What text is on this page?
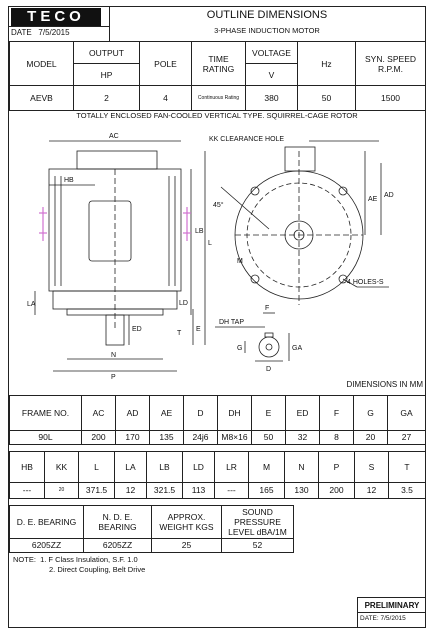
TECO
DATE 7/5/2015
OUTLINE DIMENSIONS
3-PHASE INDUCTION MOTOR
MODEL	OUTPUT	POLE	TIME RATING	VOLTAGE	Hz	SYN. SPEED R.P.M.
	HP			V		
AEVB	2	4	Continuous Rating	380	50	1500
TOTALLY ENCLOSED FAN-COOLED VERTICAL TYPE. SQUIRREL-CAGE ROTOR
AC
HB
KK CLEARANCE HOLE
LB
L
LD
LA
T
ED	E
N
P
M
AE
AD
45°
4 HOLES-S
DH TAP
F
G	GA
D
DIMENSIONS IN MM
FRAME NO.	AC	AD	AE	D	DH	E	ED	F	G	GA
90L	200	170	135	24j6	M8×16	50	32	8	20	27
HB	KK	L	LA	LB	LD	LR	M	N	P	S	T
---	20	371.5	12	321.5	113	---	165	130	200	12	3.5
D. E. BEARING	N. D. E. BEARING	APPROX. WEIGHT KGS	SOUND PRESSURE LEVEL dBA/1M
6205ZZ	6205ZZ	25	52
NOTE: 1. F Class Insulation, S.F. 1.0
2. Direct Coupling, Belt Drive
PRELIMINARY
DATE: 7/5/2015
